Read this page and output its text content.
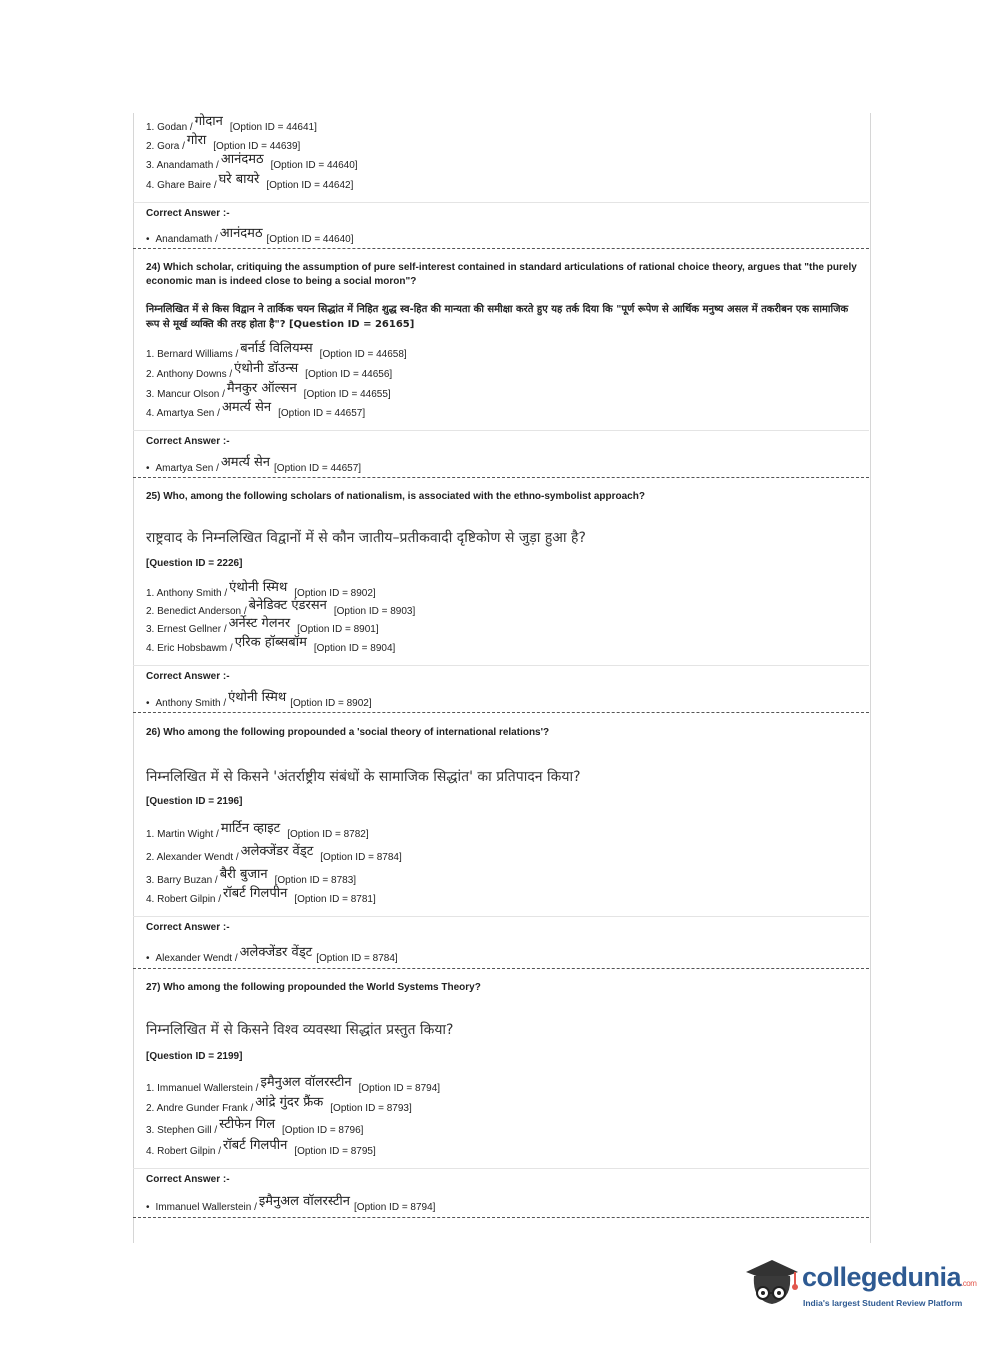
1. Godan / गोदान [Option ID = 44641]
2. Gora / गोरा [Option ID = 44639]
3. Anandamath / आनंदमठ [Option ID = 44640]
4. Ghare Baire / घरे बायरे [Option ID = 44642]
Correct Answer :-
• Anandamath / आनंदमठ [Option ID = 44640]
24) Which scholar, critiquing the assumption of pure self-interest contained in standard articulations of rational choice theory, argues that "the purely economic man is indeed close to being a social moron"?
निम्नलिखित में से किस विद्वान ने तार्किक चयन सिद्धांत में निहित शुद्ध स्व-हित की मान्यता की समीक्षा करते हुए यह तर्क दिया कि "पूर्ण रूपेण से आर्थिक मनुष्य असल में तकरीबन एक सामाजिक रूप से मूर्ख व्यक्ति की तरह होता है"? [Question ID = 26165]
1. Bernard Williams / बर्नार्ड विलियम्स [Option ID = 44658]
2. Anthony Downs / एंथोनी डॉउन्स [Option ID = 44656]
3. Mancur Olson / मैनकुर ऑल्सन [Option ID = 44655]
4. Amartya Sen / अमर्त्य सेन [Option ID = 44657]
Correct Answer :-
• Amartya Sen / अमर्त्य सेन [Option ID = 44657]
25) Who, among the following scholars of nationalism, is associated with the ethno-symbolist approach?
राष्ट्रवाद के निम्नलिखित विद्वानों में से कौन जातीय–प्रतीकवादी दृष्टिकोण से जुड़ा हुआ है?
[Question ID = 2226]
1. Anthony Smith / एंथोनी स्मिथ [Option ID = 8902]
2. Benedict Anderson / बेनेडिक्ट एंडरसन [Option ID = 8903]
3. Ernest Gellner / अर्नेस्ट गेलनर [Option ID = 8901]
4. Eric Hobsbawm / एरिक हॉब्सबॉम [Option ID = 8904]
Correct Answer :-
• Anthony Smith / एंथोनी स्मिथ [Option ID = 8902]
26) Who among the following propounded a 'social theory of international relations'?
निम्नलिखित में से किसने 'अंतर्राष्ट्रीय संबंधों के सामाजिक सिद्धांत' का प्रतिपादन किया?
[Question ID = 2196]
1. Martin Wight / मार्टिन व्हाइट [Option ID = 8782]
2. Alexander Wendt / अलेक्जेंडर वेंड्ट [Option ID = 8784]
3. Barry Buzan / बैरी बुजान [Option ID = 8783]
4. Robert Gilpin / रॉबर्ट गिलपीन [Option ID = 8781]
Correct Answer :-
• Alexander Wendt / अलेक्जेंडर वेंड्ट [Option ID = 8784]
27) Who among the following propounded the World Systems Theory?
निम्नलिखित में से किसने विश्व व्यवस्था सिद्धांत प्रस्तुत किया?
[Question ID = 2199]
1. Immanuel Wallerstein / इमैनुअल वॉलरस्टीन [Option ID = 8794]
2. Andre Gunder Frank / आंद्रे गुंदर फ्रैंक [Option ID = 8793]
3. Stephen Gill / स्टीफेन गिल [Option ID = 8796]
4. Robert Gilpin / रॉबर्ट गिलपीन [Option ID = 8795]
Correct Answer :-
• Immanuel Wallerstein / इमैनुअल वॉलरस्टीन [Option ID = 8794]
collegedunia.com
India's largest Student Review Platform
